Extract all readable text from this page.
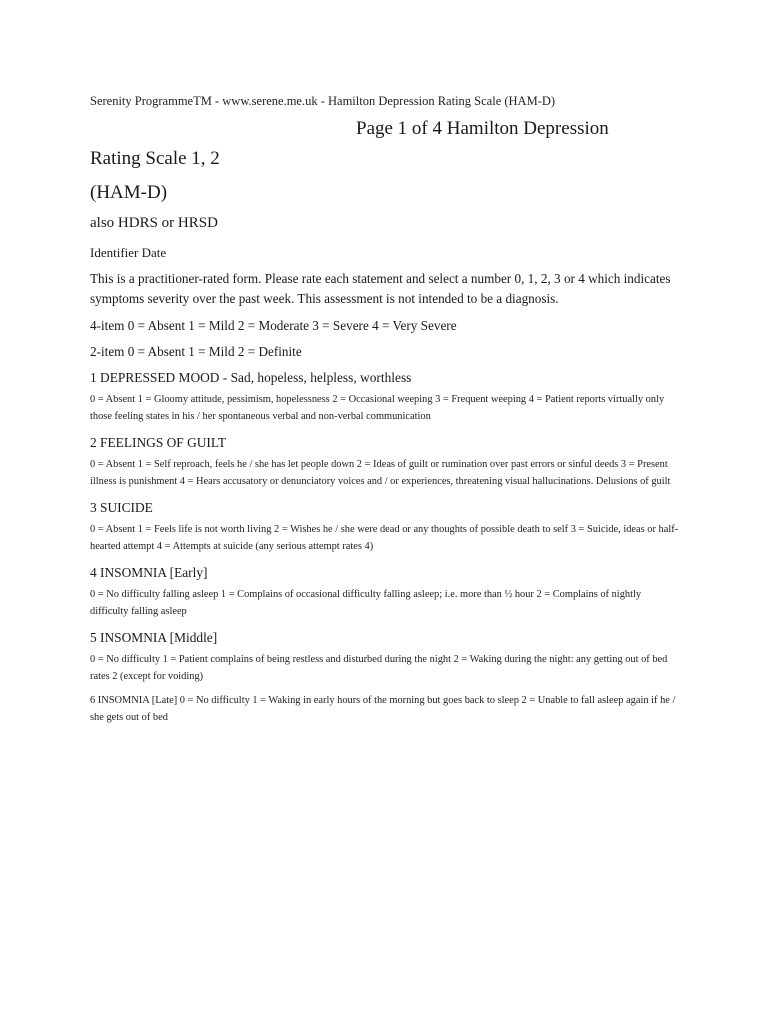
Serenity ProgrammeTM - www.serene.me.uk - Hamilton Depression Rating Scale (HAM-D)
Page 1 of 4 Hamilton Depression
Rating Scale 1, 2
(HAM-D)
also HDRS or HRSD
Identifier Date

This is a practitioner-rated form. Please rate each statement and select a number 0, 1, 2, 3 or 4 which indicates symptoms severity over the past week. This assessment is not intended to be a diagnosis.

4-item 0 = Absent 1 = Mild 2 = Moderate 3 = Severe 4 = Very Severe

2-item 0 = Absent 1 = Mild 2 = Definite

1 DEPRESSED MOOD - Sad, hopeless, helpless, worthless

0 = Absent 1 = Gloomy attitude, pessimism, hopelessness 2 = Occasional weeping 3 = Frequent weeping 4 = Patient reports virtually only those feeling states in his / her spontaneous verbal and non-verbal communication

2 FEELINGS OF GUILT

0 = Absent 1 = Self reproach, feels he / she has let people down 2 = Ideas of guilt or rumination over past errors or sinful deeds 3 = Present illness is punishment 4 = Hears accusatory or denunciatory voices and / or experiences, threatening visual hallucinations. Delusions of guilt

3 SUICIDE

0 = Absent 1 = Feels life is not worth living 2 = Wishes he / she were dead or any thoughts of possible death to self 3 = Suicide, ideas or half-hearted attempt 4 = Attempts at suicide (any serious attempt rates 4)

4 INSOMNIA [Early]

0 = No difficulty falling asleep 1 = Complains of occasional difficulty falling asleep; i.e. more than ½ hour 2 = Complains of nightly difficulty falling asleep

5 INSOMNIA [Middle]

0 = No difficulty 1 = Patient complains of being restless and disturbed during the night 2 = Waking during the night: any getting out of bed rates 2 (except for voiding)

6 INSOMNIA [Late] 0 = No difficulty 1 = Waking in early hours of the morning but goes back to sleep 2 = Unable to fall asleep again if he / she gets out of bed
